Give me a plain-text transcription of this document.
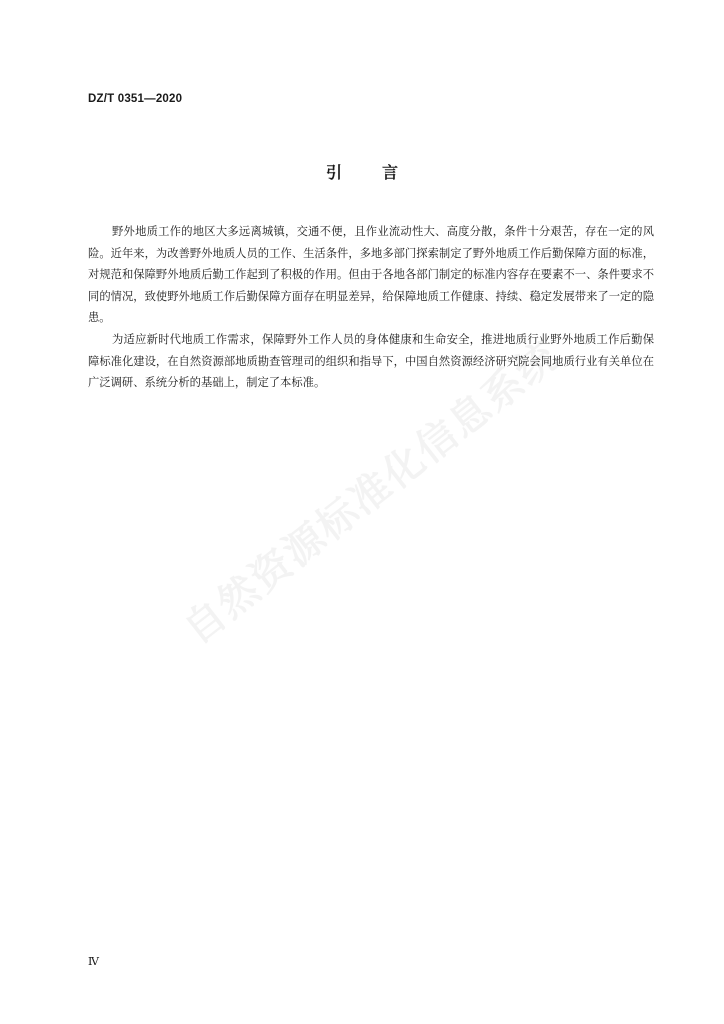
DZ/T 0351—2020
引言

野外地质工作的地区大多远离城镇，交通不便，且作业流动性大、高度分散，条件十分艰苦，存在一定的风险。近年来，为改善野外地质人员的工作、生活条件，多地多部门探索制定了野外地质工作后勤保障方面的标准，对规范和保障野外地质后勤工作起到了积极的作用。但由于各地各部门制定的标准内容存在要素不一、条件要求不同的情况，致使野外地质工作后勤保障方面存在明显差异，给保障地质工作健康、持续、稳定发展带来了一定的隐患。

为适应新时代地质工作需求，保障野外工作人员的身体健康和生命安全，推进地质行业野外地质工作后勤保障标准化建设，在自然资源部地质勘查管理司的组织和指导下，中国自然资源经济研究院会同地质行业有关单位在广泛调研、系统分析的基础上，制定了本标准。

Ⅳ
